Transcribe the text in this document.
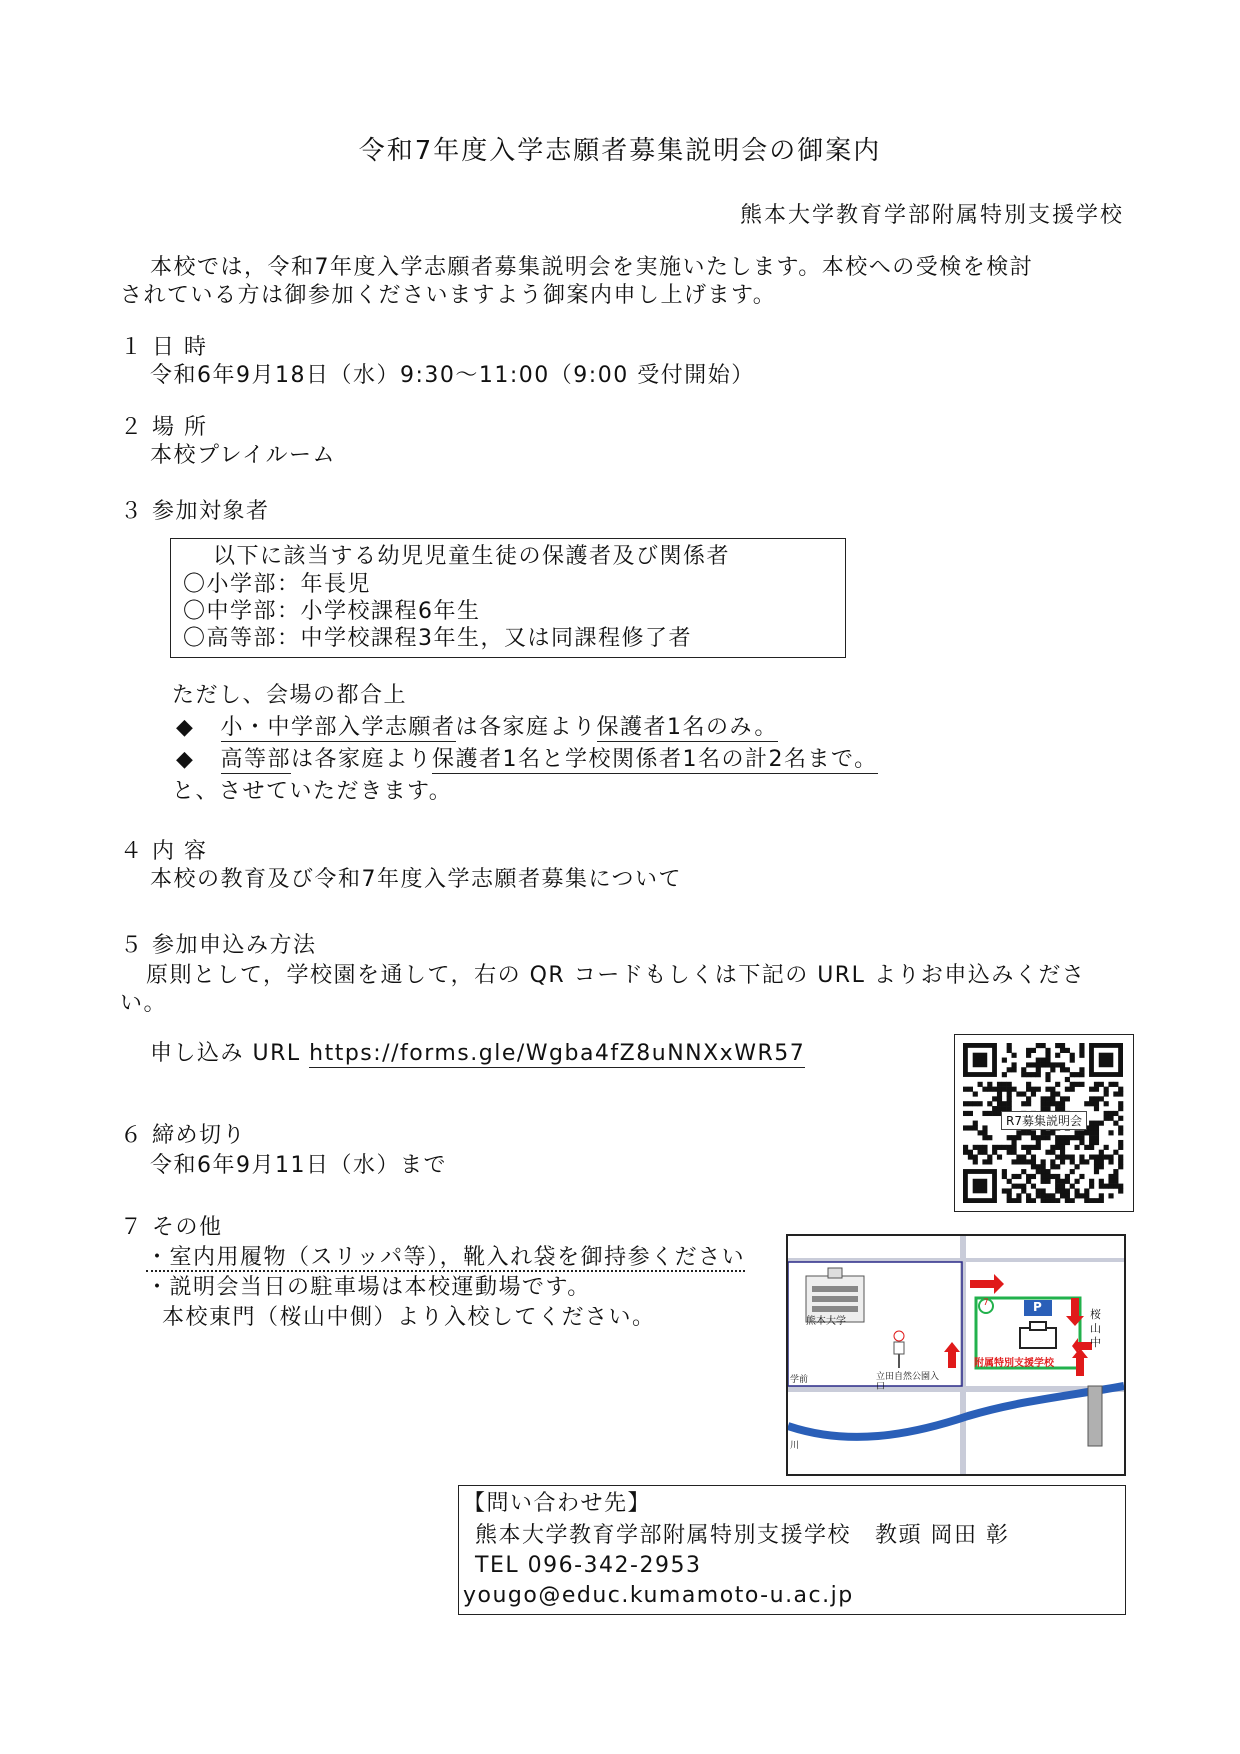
令和7年度入学志願者募集説明会の御案内
熊本大学教育学部附属特別支援学校
本校では，令和7年度入学志願者募集説明会を実施いたします。本校への受検を検討
されている方は御参加くださいますよう御案内申し上げます。
１ 日 時
令和6年9月18日（水）9:30～11:00（9:00 受付開始）
２ 場 所
本校プレイルーム
３ 参加対象者
以下に該当する幼児児童生徒の保護者及び関係者
〇小学部：年長児
〇中学部：小学校課程6年生
〇高等部：中学校課程3年生，又は同課程修了者
ただし、会場の都合上
◆ 小・中学部入学志願者は各家庭より保護者1名のみ。
◆ 高等部は各家庭より保護者1名と学校関係者1名の計2名まで。
と、させていただきます。
４ 内 容
本校の教育及び令和7年度入学志願者募集について
５ 参加申込み方法
原則として，学校園を通して，右の QR コードもしくは下記の URL よりお申込みくださ
い。
申し込み URL https://forms.gle/Wgba4fZ8uNNXxWR57
R7募集説明会
６ 締め切り
令和6年9月11日（水）まで
７ その他
・室内用履物（スリッパ等），靴入れ袋を御持参ください
・説明会当日の駐車場は本校運動場です。
本校東門（桜山中側）より入校してください。	熊本大学
附属特別支援学校
P
7
桜山中
立田自然公園入口
学前
川
【問い合わせ先】
熊本大学教育学部附属特別支援学校 教頭 岡田 彰
TEL 096-342-2953
yougo@educ.kumamoto-u.ac.jp
